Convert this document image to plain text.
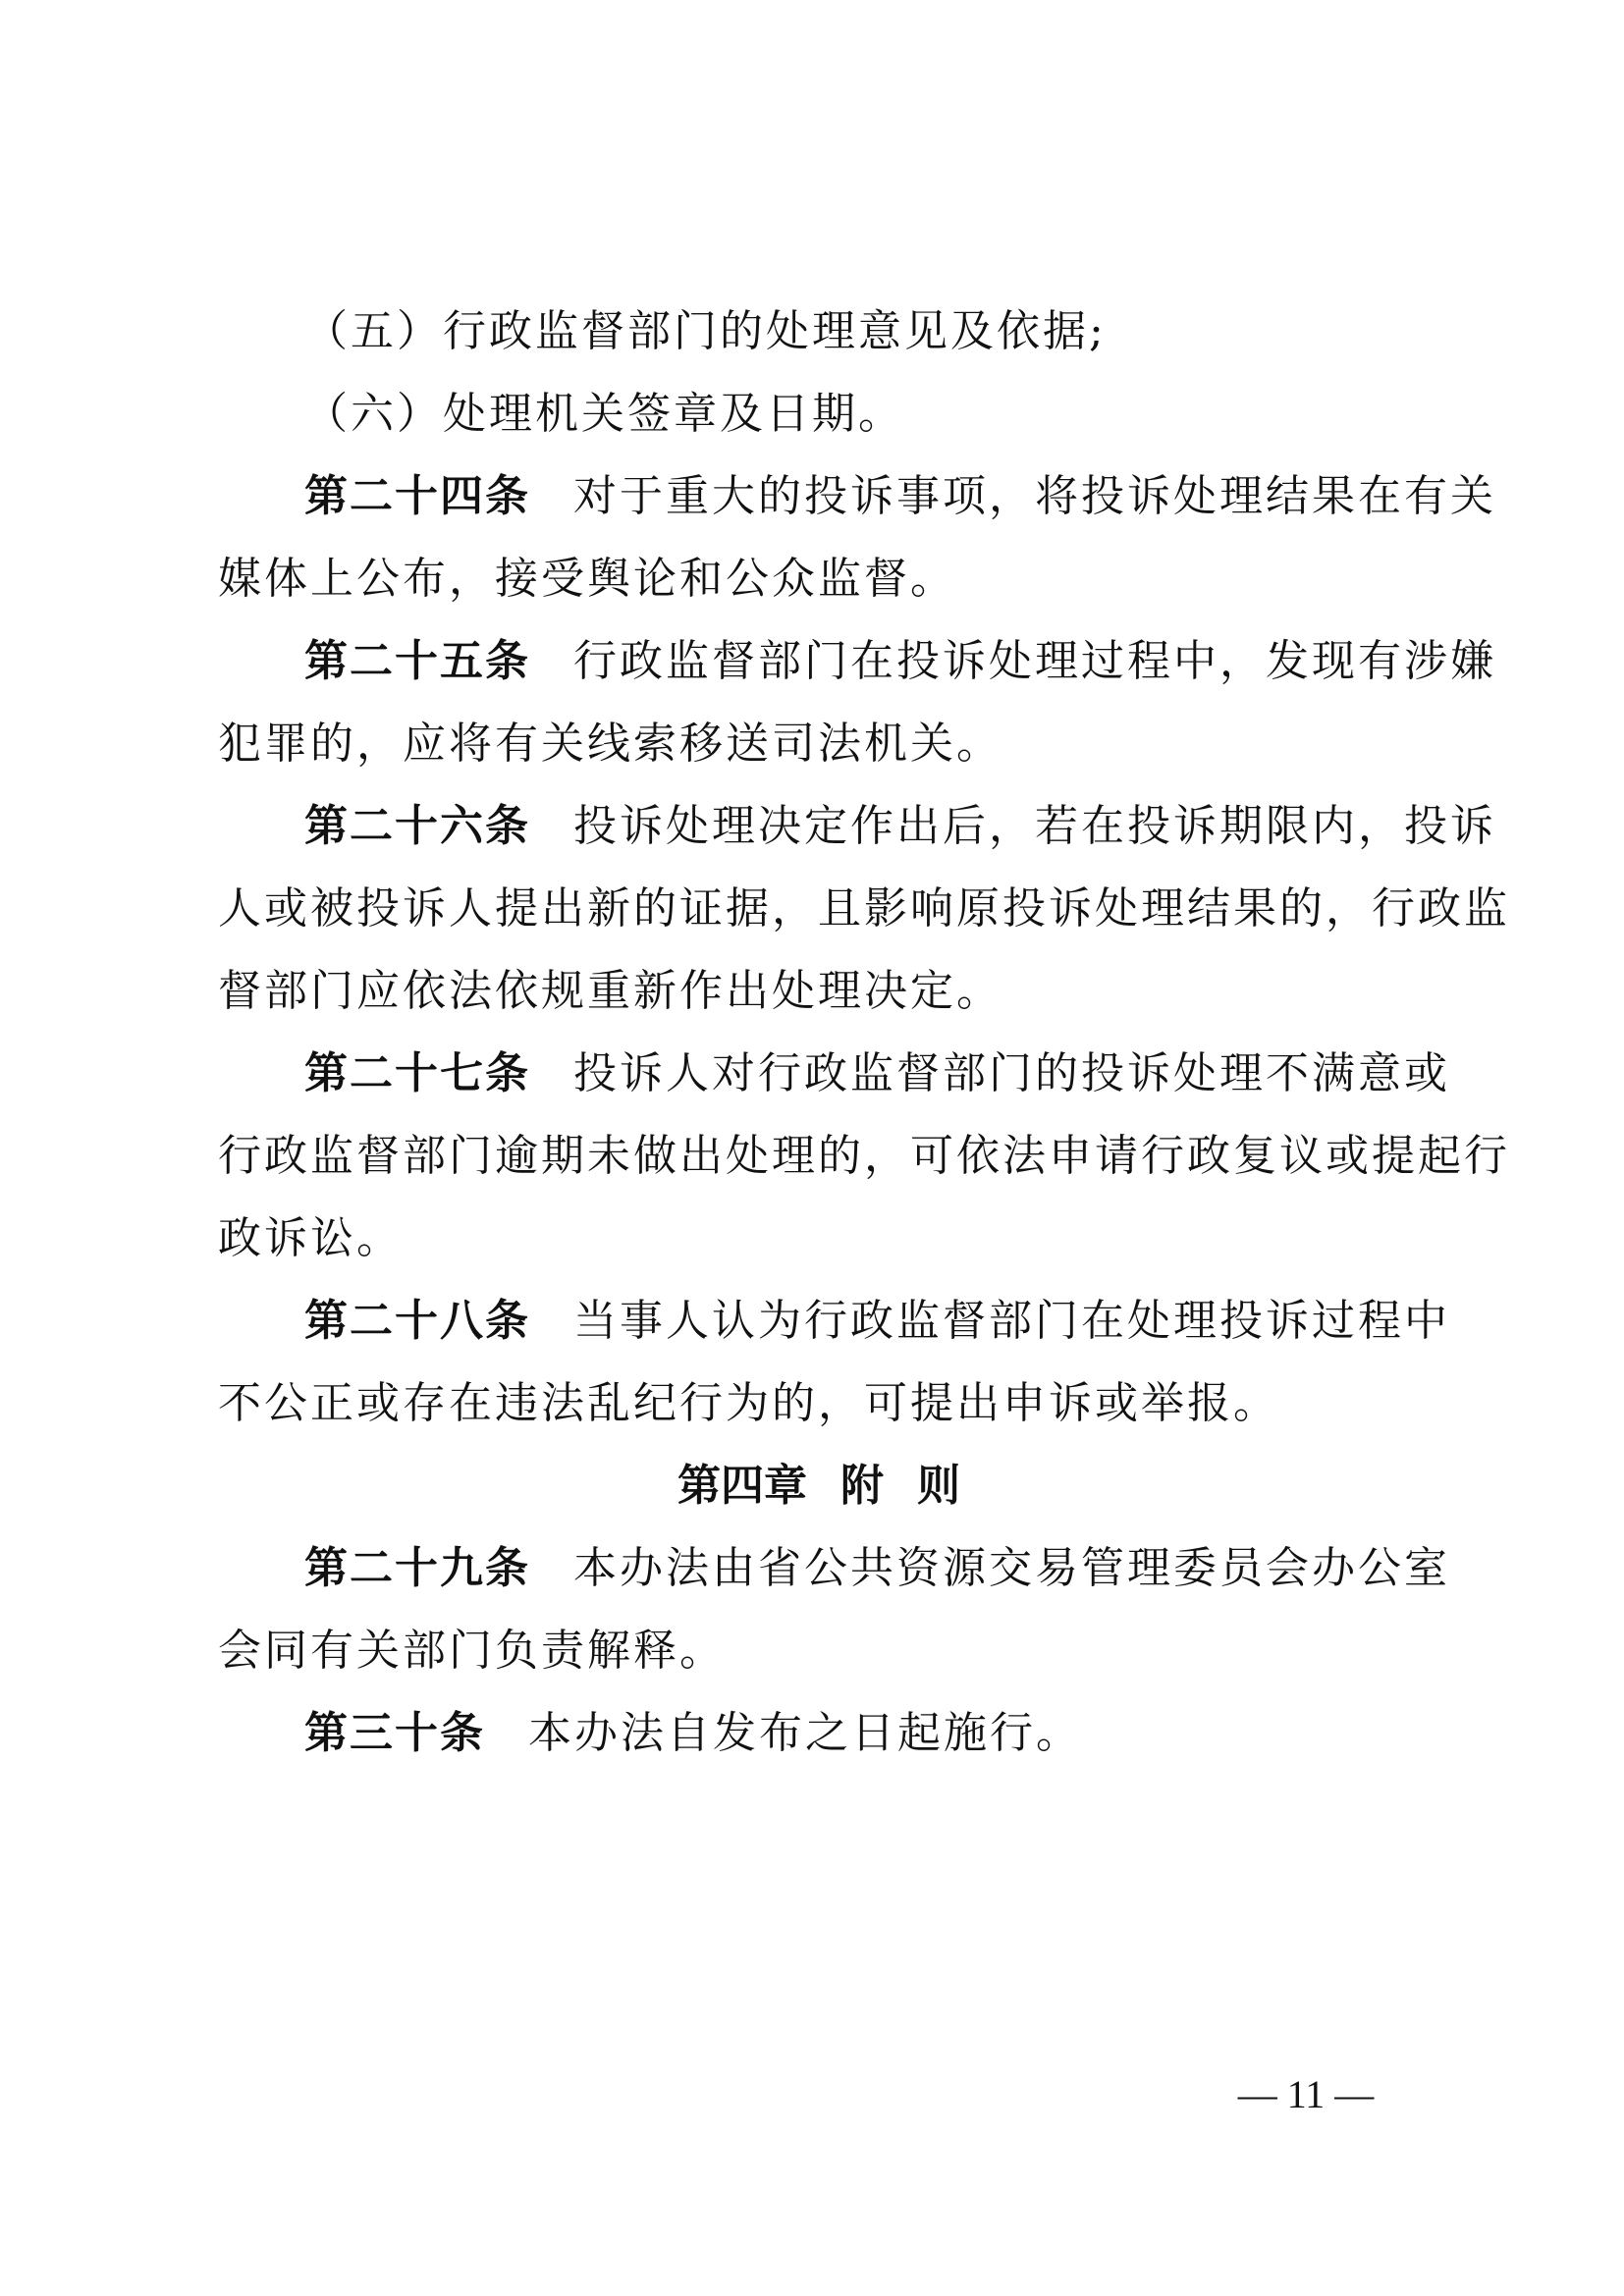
（五）行政监督部门的处理意见及依据;
（六）处理机关签章及日期。
第二十四条 对于重大的投诉事项，将投诉处理结果在有关
媒体上公布，接受舆论和公众监督。
第二十五条 行政监督部门在投诉处理过程中，发现有涉嫌
犯罪的，应将有关线索移送司法机关。
第二十六条 投诉处理决定作出后，若在投诉期限内，投诉
人或被投诉人提出新的证据，且影响原投诉处理结果的，行政监
督部门应依法依规重新作出处理决定。
第二十七条 投诉人对行政监督部门的投诉处理不满意或
行政监督部门逾期未做出处理的，可依法申请行政复议或提起行
政诉讼。
第二十八条 当事人认为行政监督部门在处理投诉过程中
不公正或存在违法乱纪行为的，可提出申诉或举报。
第四章 附 则
第二十九条 本办法由省公共资源交易管理委员会办公室
会同有关部门负责解释。
第三十条 本办法自发布之日起施行。
— 11 —
